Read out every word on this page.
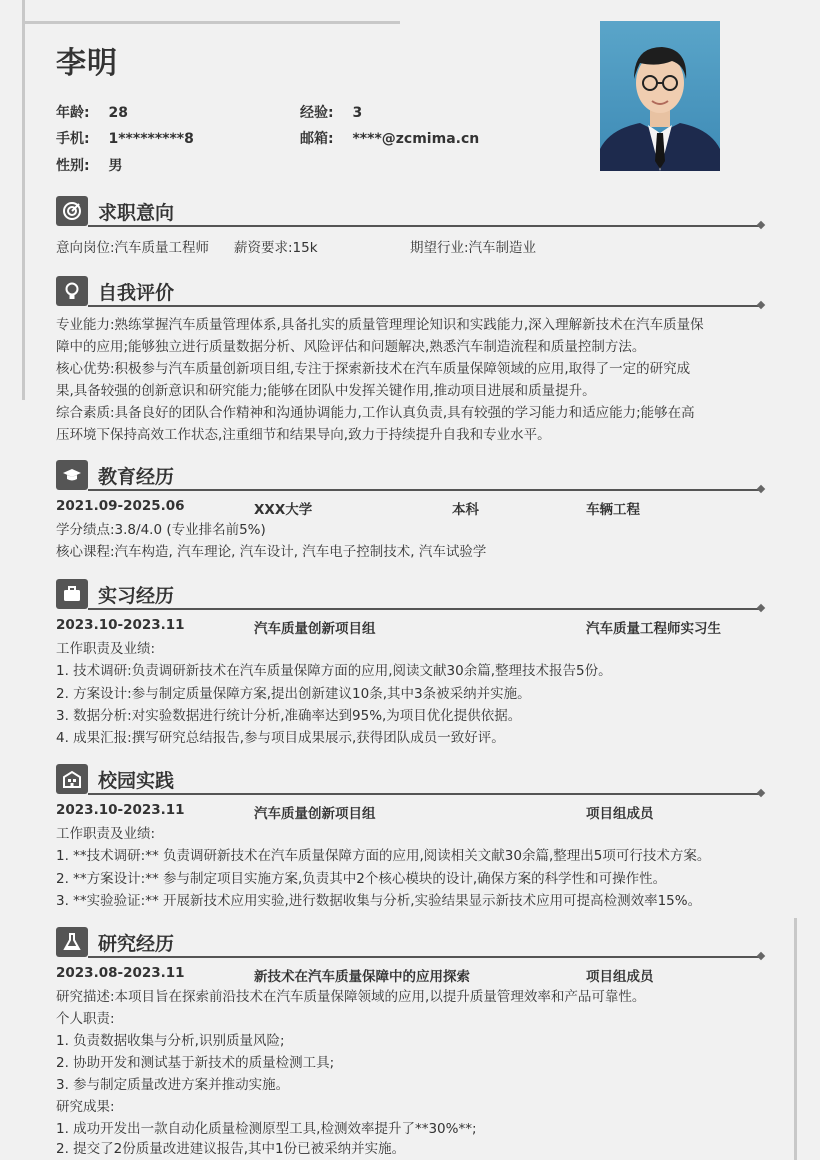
李明
年龄: 28	经验: 3
手机: 1*********8	邮箱: ****@zcmima.cn
性别: 男
求职意向
意向岗位:汽车质量工程师 薪资要求:15k	期望行业:汽车制造业
自我评价
专业能力:熟练掌握汽车质量管理体系,具备扎实的质量管理理论知识和实践能力,深入理解新技术在汽车质量保
障中的应用;能够独立进行质量数据分析、风险评估和问题解决,熟悉汽车制造流程和质量控制方法。
核心优势:积极参与汽车质量创新项目组,专注于探索新技术在汽车质量保障领域的应用,取得了一定的研究成
果,具备较强的创新意识和研究能力;能够在团队中发挥关键作用,推动项目进展和质量提升。
综合素质:具备良好的团队合作精神和沟通协调能力,工作认真负责,具有较强的学习能力和适应能力;能够在高
压环境下保持高效工作状态,注重细节和结果导向,致力于持续提升自我和专业水平。
教育经历
2021.09-2025.06	XXX大学	本科	车辆工程
学分绩点:3.8/4.0 (专业排名前5%)
核心课程:汽车构造, 汽车理论, 汽车设计, 汽车电子控制技术, 汽车试验学
实习经历
2023.10-2023.11	汽车质量创新项目组	汽车质量工程师实习生
工作职责及业绩:
1. 技术调研:负责调研新技术在汽车质量保障方面的应用,阅读文献30余篇,整理技术报告5份。
2. 方案设计:参与制定质量保障方案,提出创新建议10条,其中3条被采纳并实施。
3. 数据分析:对实验数据进行统计分析,准确率达到95%,为项目优化提供依据。
4. 成果汇报:撰写研究总结报告,参与项目成果展示,获得团队成员一致好评。
校园实践
2023.10-2023.11	汽车质量创新项目组	项目组成员
工作职责及业绩:
1. **技术调研:** 负责调研新技术在汽车质量保障方面的应用,阅读相关文献30余篇,整理出5项可行技术方案。
2. **方案设计:** 参与制定项目实施方案,负责其中2个核心模块的设计,确保方案的科学性和可操作性。
3. **实验验证:** 开展新技术应用实验,进行数据收集与分析,实验结果显示新技术应用可提高检测效率15%。
研究经历
2023.08-2023.11	新技术在汽车质量保障中的应用探索	项目组成员
研究描述:本项目旨在探索前沿技术在汽车质量保障领域的应用,以提升质量管理效率和产品可靠性。
个人职责:
1. 负责数据收集与分析,识别质量风险;
2. 协助开发和测试基于新技术的质量检测工具;
3. 参与制定质量改进方案并推动实施。
研究成果:
1. 成功开发出一款自动化质量检测原型工具,检测效率提升了**30%**;
2. 提交了2份质量改进建议报告,其中1份已被采纳并实施。
